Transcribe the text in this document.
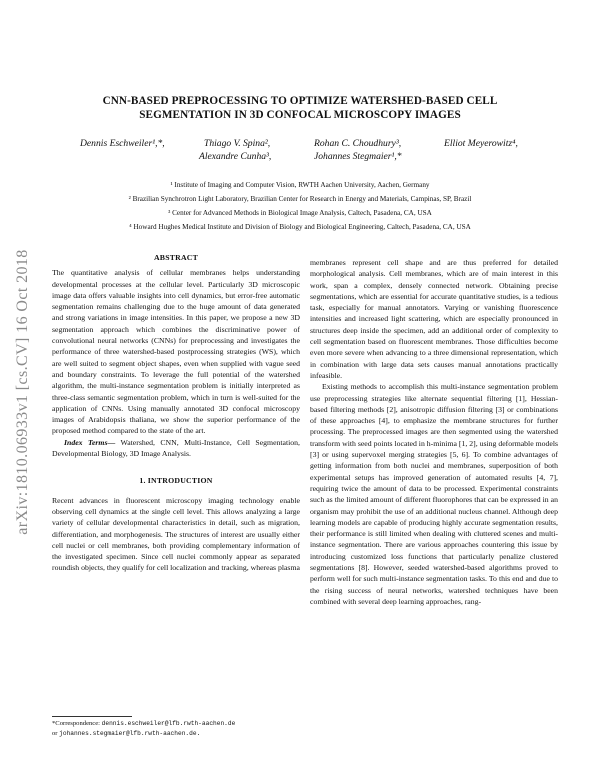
arXiv:1810.06933v1 [cs.CV] 16 Oct 2018
CNN-BASED PREPROCESSING TO OPTIMIZE WATERSHED-BASED CELL
SEGMENTATION IN 3D CONFOCAL MICROSCOPY IMAGES
Dennis Eschweiler¹,*,	Thiago V. Spina²,	Rohan C. Choudhury³,	Elliot Meyerowitz⁴,
Alexandre Cunha³,	Johannes Stegmaier¹,*
¹ Institute of Imaging and Computer Vision, RWTH Aachen University, Aachen, Germany
² Brazilian Synchrotron Light Laboratory, Brazilian Center for Research in Energy and Materials, Campinas, SP, Brazil
³ Center for Advanced Methods in Biological Image Analysis, Caltech, Pasadena, CA, USA
⁴ Howard Hughes Medical Institute and Division of Biology and Biological Engineering, Caltech, Pasadena, CA, USA
ABSTRACT

The quantitative analysis of cellular membranes helps understanding developmental processes at the cellular level. Particularly 3D microscopic image data offers valuable insights into cell dynamics, but error-free automatic segmentation remains challenging due to the huge amount of data generated and strong variations in image intensities. In this paper, we propose a new 3D segmentation approach which combines the discriminative power of convolutional neural networks (CNNs) for preprocessing and investigates the performance of three watershed-based postprocessing strategies (WS), which are well suited to segment object shapes, even when supplied with vague seed and boundary constraints. To leverage the full potential of the watershed algorithm, the multi-instance segmentation problem is initially interpreted as three-class semantic segmentation problem, which in turn is well-suited for the application of CNNs. Using manually annotated 3D confocal microscopy images of Arabidopsis thaliana, we show the superior performance of the proposed method compared to the state of the art.

Index Terms— Watershed, CNN, Multi-Instance, Cell Segmentation, Developmental Biology, 3D Image Analysis.

1. INTRODUCTION

Recent advances in fluorescent microscopy imaging technology enable observing cell dynamics at the single cell level. This allows analyzing a large variety of cellular developmental characteristics in detail, such as migration, differentiation, and morphogenesis. The structures of interest are usually either cell nuclei or cell membranes, both providing complementary information of the investigated specimen. Since cell nuclei commonly appear as separated roundish objects, they qualify for cell localization and tracking, whereas plasma

membranes represent cell shape and are thus preferred for detailed morphological analysis. Cell membranes, which are of main interest in this work, span a complex, densely connected network. Obtaining precise segmentations, which are essential for accurate quantitative studies, is a tedious task, especially for manual annotators. Varying or vanishing fluorescence intensities and increased light scattering, which are especially pronounced in structures deep inside the specimen, add an additional order of complexity to cell segmentation based on fluorescent membranes. Those difficulties become even more severe when advancing to a three dimensional representation, which in combination with large data sets causes manual annotations practically infeasible.

Existing methods to accomplish this multi-instance segmentation problem use preprocessing strategies like alternate sequential filtering [1], Hessian-based filtering methods [2], anisotropic diffusion filtering [3] or combinations of these approaches [4], to emphasize the membrane structures for further processing. The preprocessed images are then segmented using the watershed transform with seed points located in h-minima [1, 2], using deformable models [3] or using supervoxel merging strategies [5, 6]. To combine advantages of getting information from both nuclei and membranes, superposition of both experimental setups has improved generation of automated results [4, 7], requiring twice the amount of data to be processed. Experimental constraints such as the limited amount of different fluorophores that can be expressed in an organism may prohibit the use of an additional nucleus channel. Although deep learning models are capable of producing highly accurate segmentation results, their performance is still limited when dealing with cluttered scenes and multi-instance segmentation. There are various approaches countering this issue by introducing customized loss functions that particularly penalize clustered segmentations [8]. However, seeded watershed-based algorithms proved to perform well for such multi-instance segmentation tasks. To this end and due to the rising success of neural networks, watershed techniques have been combined with several deep learning approaches, rang-

*Correspondence: dennis.eschweiler@lfb.rwth-aachen.de
or johannes.stegmaier@lfb.rwth-aachen.de.
